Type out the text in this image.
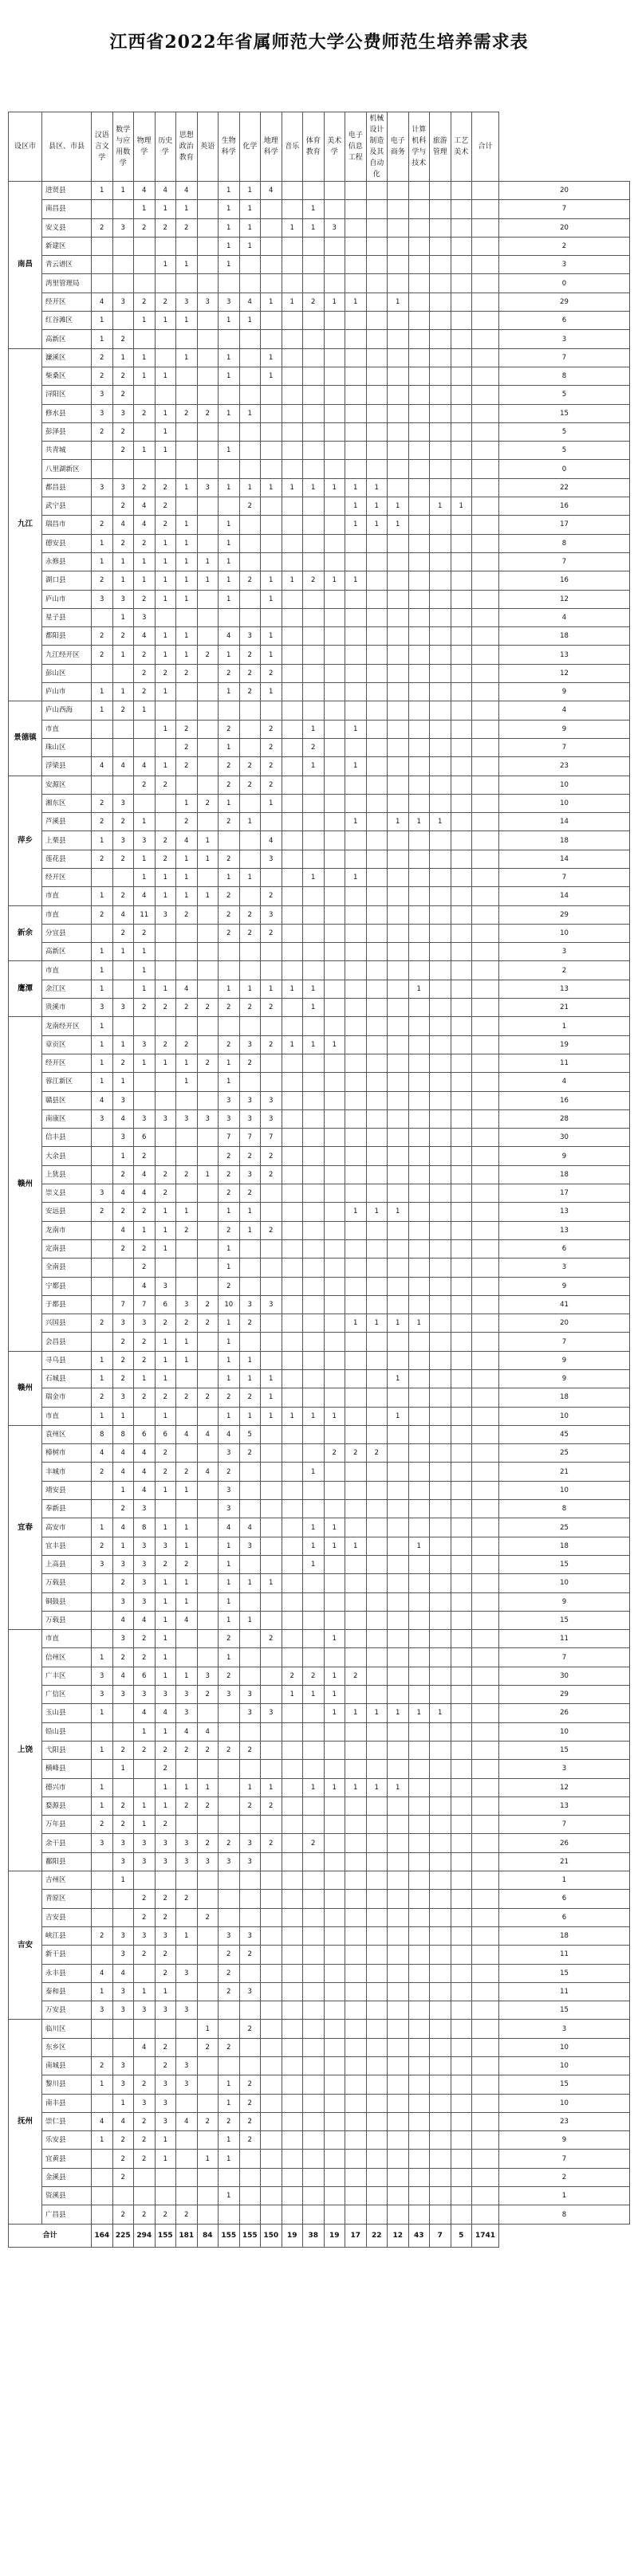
江西省2022年省属师范大学公费师范生培养需求表
设区市	县区、市县	汉语言文学	数学与应用数学	物理学	历史学	思想政治教育	英语	生物科学	化学	地理科学	音乐	体育教育	美术学	电子信息工程	机械设计制造及其自动化	电子商务	计算机科学与技术	旅游管理	工艺美术	合计	
南昌	进贤县	1	1	4	4	4		1	1	4											20
	南昌县			1	1	1		1	1			1									7
	安义县	2	3	2	2	2		1	1		1	1	3								20
	新建区							1	1												2
	青云谱区				1	1		1													3
	湾里管理局																				0
	经开区	4	3	2	2	3	3	3	4	1	1	2	1	1		1					29
	红谷滩区	1		1	1	1		1	1												6
	高新区	1	2																		3
九江	濂溪区	2	1	1		1		1		1											7
	柴桑区	2	2	1	1			1		1											8
	浔阳区	3	2																		5
	修水县	3	3	2	1	2	2	1	1												15
	彭泽县	2	2		1																5
	共青城		2	1	1			1													5
	八里湖新区																				0
	都昌县	3	3	2	2	1	3	1	1	1	1	1	1	1	1						22
	武宁县		2	4	2				2					1	1	1		1	1		16
	瑞昌市	2	4	4	2	1		1						1	1	1					17
	德安县	1	2	2	1	1		1													8
	永修县	1	1	1	1	1	1	1													7
	湖口县	2	1	1	1	1	1	1	2	1	1	2	1	1							16
	庐山市	3	3	2	1	1		1		1											12
	星子县		1	3																	4
	都阳县	2	2	4	1	1		4	3	1											18
	九江经开区	2	1	2	1	1	2	1	2	1											13
	彭山区			2	2	2		2	2	2											12
	庐山市	1	1	2	1			1	2	1											9
景德镇	庐山西海	1	2	1																	4
	市直				1	2		2		2		1		1							9
	珠山区					2		1		2		2									7
	浮梁县	4	4	4	1	2		2	2	2		1		1							23
萍乡	安源区			2	2			2	2	2											10
	湘东区	2	3			1	2	1		1											10
	芦溪县	2	2	1		2		2	1					1		1	1	1			14
	上栗县	1	3	3	2	4	1			4											18
	莲花县	2	2	1	2	1	1	2		3											14
	经开区			1	1	1		1	1			1		1							7
	市直	1	2	4	1	1	1	2		2											14
新余	市直	2	4	11	3	2		2	2	3											29
	分宜县		2	2				2	2	2											10
	高新区	1	1	1																	3
鹰潭	市直	1		1																	2
	余江区	1		1	1	4		1	1	1	1	1					1				13
	贵溪市	3	3	2	2	2	2	2	2	2		1									21
赣州	龙南经开区	1																			1
	章贡区	1	1	3	2	2		2	3	2	1	1	1								19
	经开区	1	2	1	1	1	2	1	2												11
	蓉江新区	1	1			1		1													4
	赣县区	4	3					3	3	3											16
	南康区	3	4	3	3	3	3	3	3	3											28
	信丰县		3	6				7	7	7											30
	大余县		1	2				2	2	2											9
	上犹县		2	4	2	2	1	2	3	2											18
	崇义县	3	4	4	2			2	2												17
	安远县	2	2	2	1	1		1	1					1	1	1					13
	龙南市		4	1	1	2		2	1	2											13
	定南县		2	2	1			1													6
	全南县			2				1													3
	宁都县			4	3			2													9
	于都县		7	7	6	3	2	10	3	3											41
	兴国县	2	3	3	2	2	2	1	2					1	1	1	1				20
	会昌县		2	2	1	1		1													7
赣州	寻乌县	1	2	2	1	1		1	1												9
	石城县	1	2	1	1			1	1	1						1					9
	瑞金市	2	3	2	2	2	2	2	2	1											18
	市直	1	1		1			1	1	1	1	1	1			1					10
宜春	袁州区	8	8	6	6	4	4	4	5												45
	樟树市	4	4	4	2			3	2				2	2	2						25
	丰城市	2	4	4	2	2	4	2				1									21
	靖安县		1	4	1	1		3													10
	奉新县		2	3				3													8
	高安市	1	4	8	1	1		4	4			1	1								25
	宜丰县	2	1	3	3	1		1	3			1	1	1			1				18
	上高县	3	3	3	2	2		1				1									15
	万载县		2	3	1	1		1	1	1											10
	铜鼓县		3	3	1	1		1													9
	万载县		4	4	1	4		1	1												15
上饶	市直		3	2	1			2		2			1								11
	信州区	1	2	2	1			1													7
	广丰区	3	4	6	1	1	3	2			2	2	1	2							30
	广信区	3	3	3	3	3	2	3	3		1	1	1								29
	玉山县	1		4	4	3			3	3			1	1	1	1	1	1			26
	铅山县			1	1	4	4														10
	弋阳县	1	2	2	2	2	2	2	2												15
	横峰县		1		2																3
	德兴市	1			1	1	1		1	1		1	1	1	1	1					12
	婺源县	1	2	1	1	2	2		2	2											13
	万年县	2	2	1	2																7
	余干县	3	3	3	3	3	2	2	3	2		2									26
	鄱阳县		3	3	3	3	3	3	3												21
吉安	吉州区		1																		1
	青原区			2	2	2															6
	吉安县			2	2		2														6
	峡江县	2	3	3	3	1		3	3												18
	新干县		3	2	2			2	2												11
	永丰县	4	4		2	3		2													15
	泰和县	1	3	1	1			2	3												11
	万安县	3	3	3	3	3															15
抚州	临川区						1		2												3
	东乡区			4	2		2	2													10
	南城县	2	3		2	3															10
	黎川县	1	3	2	3	3		1	2												15
	南丰县		1	3	3			1	2												10
	崇仁县	4	4	2	3	4	2	2	2												23
	乐安县	1	2	2	1			1	2												9
	宜黄县		2	2	1		1	1													7
	金溪县		2																		2
	资溪县							1													1
	广昌县		2	2	2	2															8
合计		164	225	294	155	181	84	155	155	150	19	38	19	17	22	12	43	7	5	1741	
